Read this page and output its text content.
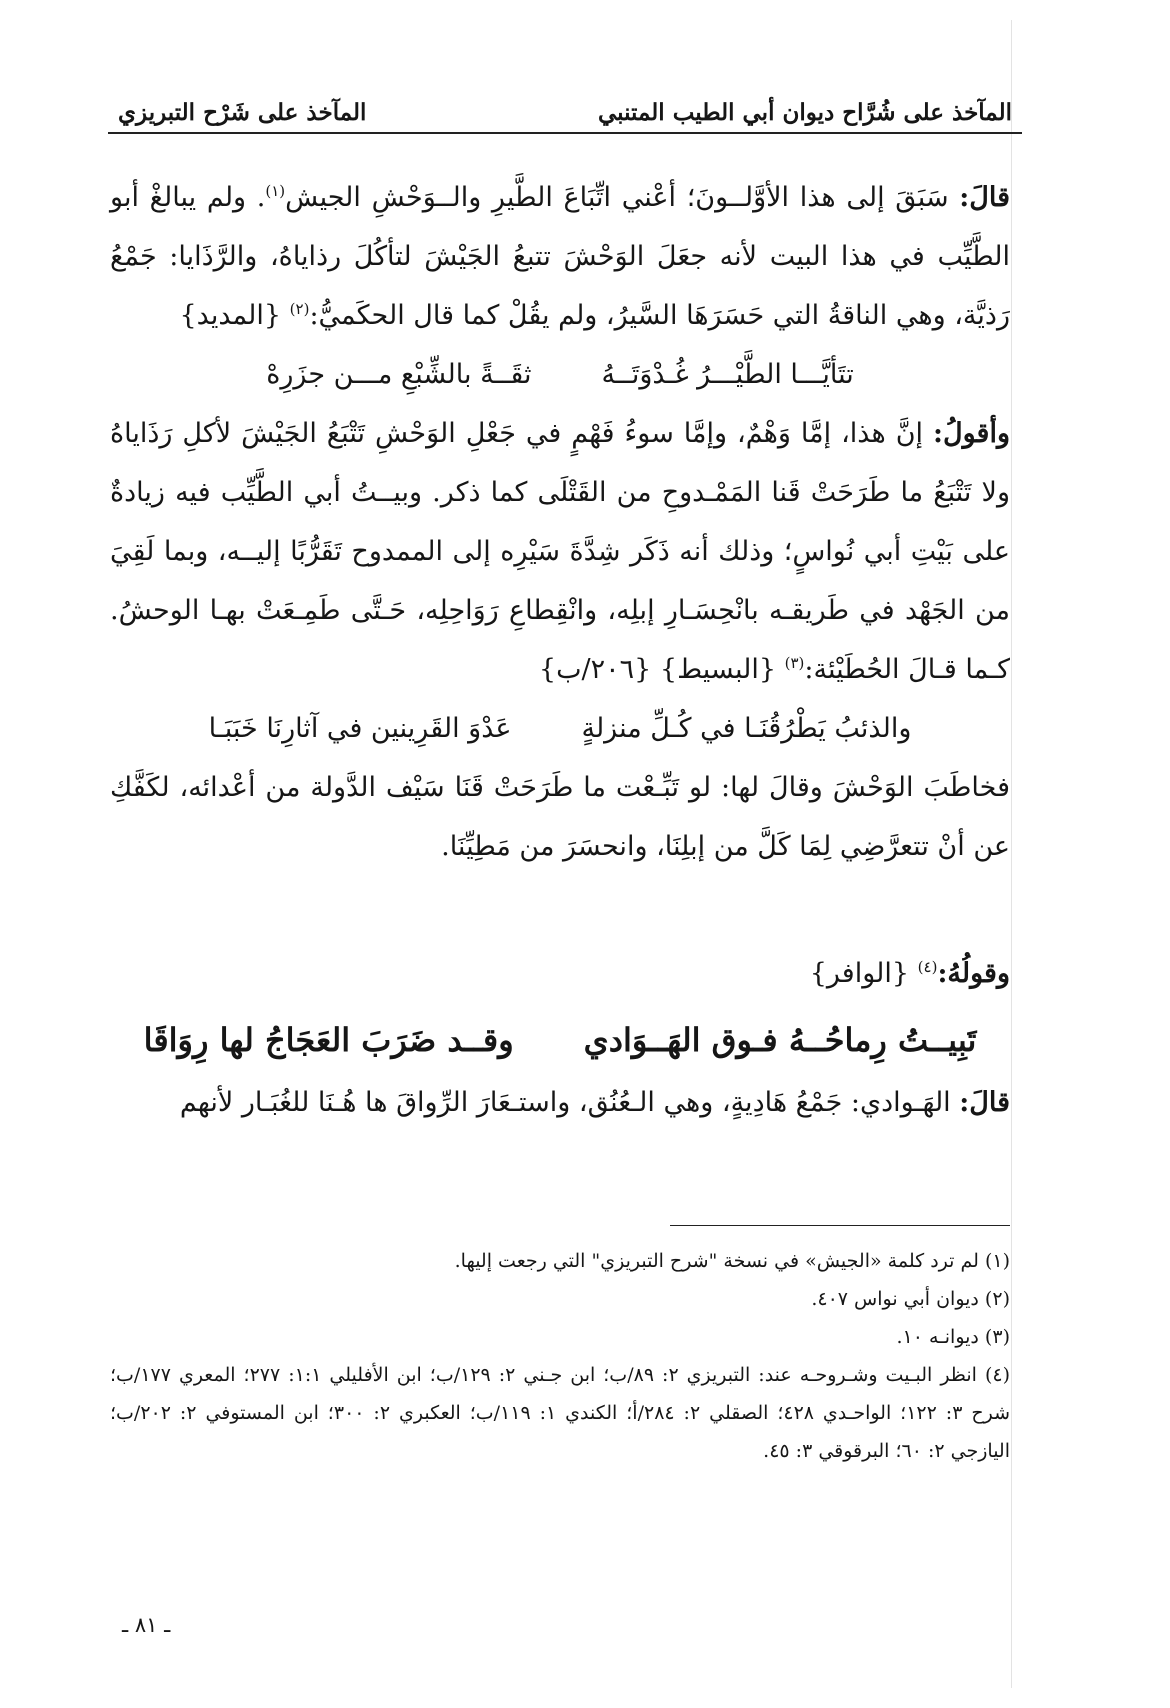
المآخذ على شُرَّاح ديوان أبي الطيب المتنبي
المآخذ على شَرْح التبريزي

قالَ: سَبَقَ إلى هذا الأوَّلــونَ؛ أعْني اتِّبَاعَ الطَّيرِ والــوَحْشِ الجيش$^{(١)}$. ولم يبالغْ أبو الطَّيِّب في هذا البيت لأنه جعَلَ الوَحْشَ تتبعُ الجَيْشَ لتأكُلَ رذاياهُ، والرَّذَايا: جَمْعُ رَذيَّة، وهي الناقةُ التي حَسَرَهَا السَّيرُ، ولم يقُلْ كما قال الحكَميُّ:$^{(٢)}$ {المديد}

تتَأيَّـــا الطَّيْـــرُ غُـدْوَتَــهُ
ثقَــةً بالشِّبْعِ مـــن جزَرِهْ

وأقولُ: إنَّ هذا، إمَّا وَهْمٌ، وإمَّا سوءُ فَهْمٍ في جَعْلِ الوَحْشِ تَتْبَعُ الجَيْشَ لأكلِ رَذَاياهُ ولا تَتْبَعُ ما طَرَحَتْ قَنا المَمْـدوحِ من القَتْلَى كما ذكر. وبيــتُ أبي الطَّيِّب فيه زيادةٌ على بَيْتِ أبي نُواسٍ؛ وذلك أنه ذَكَر شِدَّةَ سَيْرِه إلى الممدوح تَقَرُّبًا إليــه، وبما لَقِيَ من الجَهْد في طَريقـه بانْحِسَـارِ إبلِه، وانْقِطاعِ رَوَاحِلِه، حَـتَّى طَمِـعَتْ بهـا الوحشُ. كـما قـالَ الحُطَيْئة:$^{(٣)}$ {البسيط} {٢٠٦/ب}

والذئبُ يَطْرُقُنَـا في كُـلِّ منزلةٍ
عَدْوَ القَرِينين في آثارِنَا خَبَبَـا

فخاطَبَ الوَحْشَ وقالَ لها: لو تَبِّـعْت ما طَرَحَتْ قَنَا سَيْف الدَّولة من أعْدائه، لكَفَّكِ عن أنْ تتعرَّضِي لِمَا كَلَّ من إبلِنَا، وانحسَرَ من مَطِيِّنَا.

وقولُهُ:$^{(٤)}$ {الوافر}

تَبِيــتُ رِماحُــهُ فـوق الهَــوَادي
وقــد ضَرَبَ العَجَاجُ لها رِوَاقَا

قالَ: الهَـوادي: جَمْعُ هَادِيةٍ، وهي الـعُنُق، واستـعَارَ الرِّواقَ ها هُـنَا للغُبَـار لأنهم

(١) لم ترد كلمة «الجيش» في نسخة "شرح التبريزي" التي رجعت إليها.

(٢) ديوان أبي نواس ٤٠٧.

(٣) ديوانـه ١٠.

(٤) انظر البـيت وشـروحـه عند: التبريزي ٢: ٨٩/ب؛ ابن جـني ٢: ١٢٩/ب؛ ابن الأفليلي ١:١: ٢٧٧؛ المعري ١٧٧/ب؛ شرح ٣: ١٢٢؛ الواحـدي ٤٢٨؛ الصقلي ٢: ٢٨٤/أ؛ الكندي ١: ١١٩/ب؛ العكبري ٢: ٣٠٠؛ ابن المستوفي ٢: ٢٠٢/ب؛ اليازجي ٢: ٦٠؛ البرقوقي ٣: ٤٥.

ـ ٨١ ـ
